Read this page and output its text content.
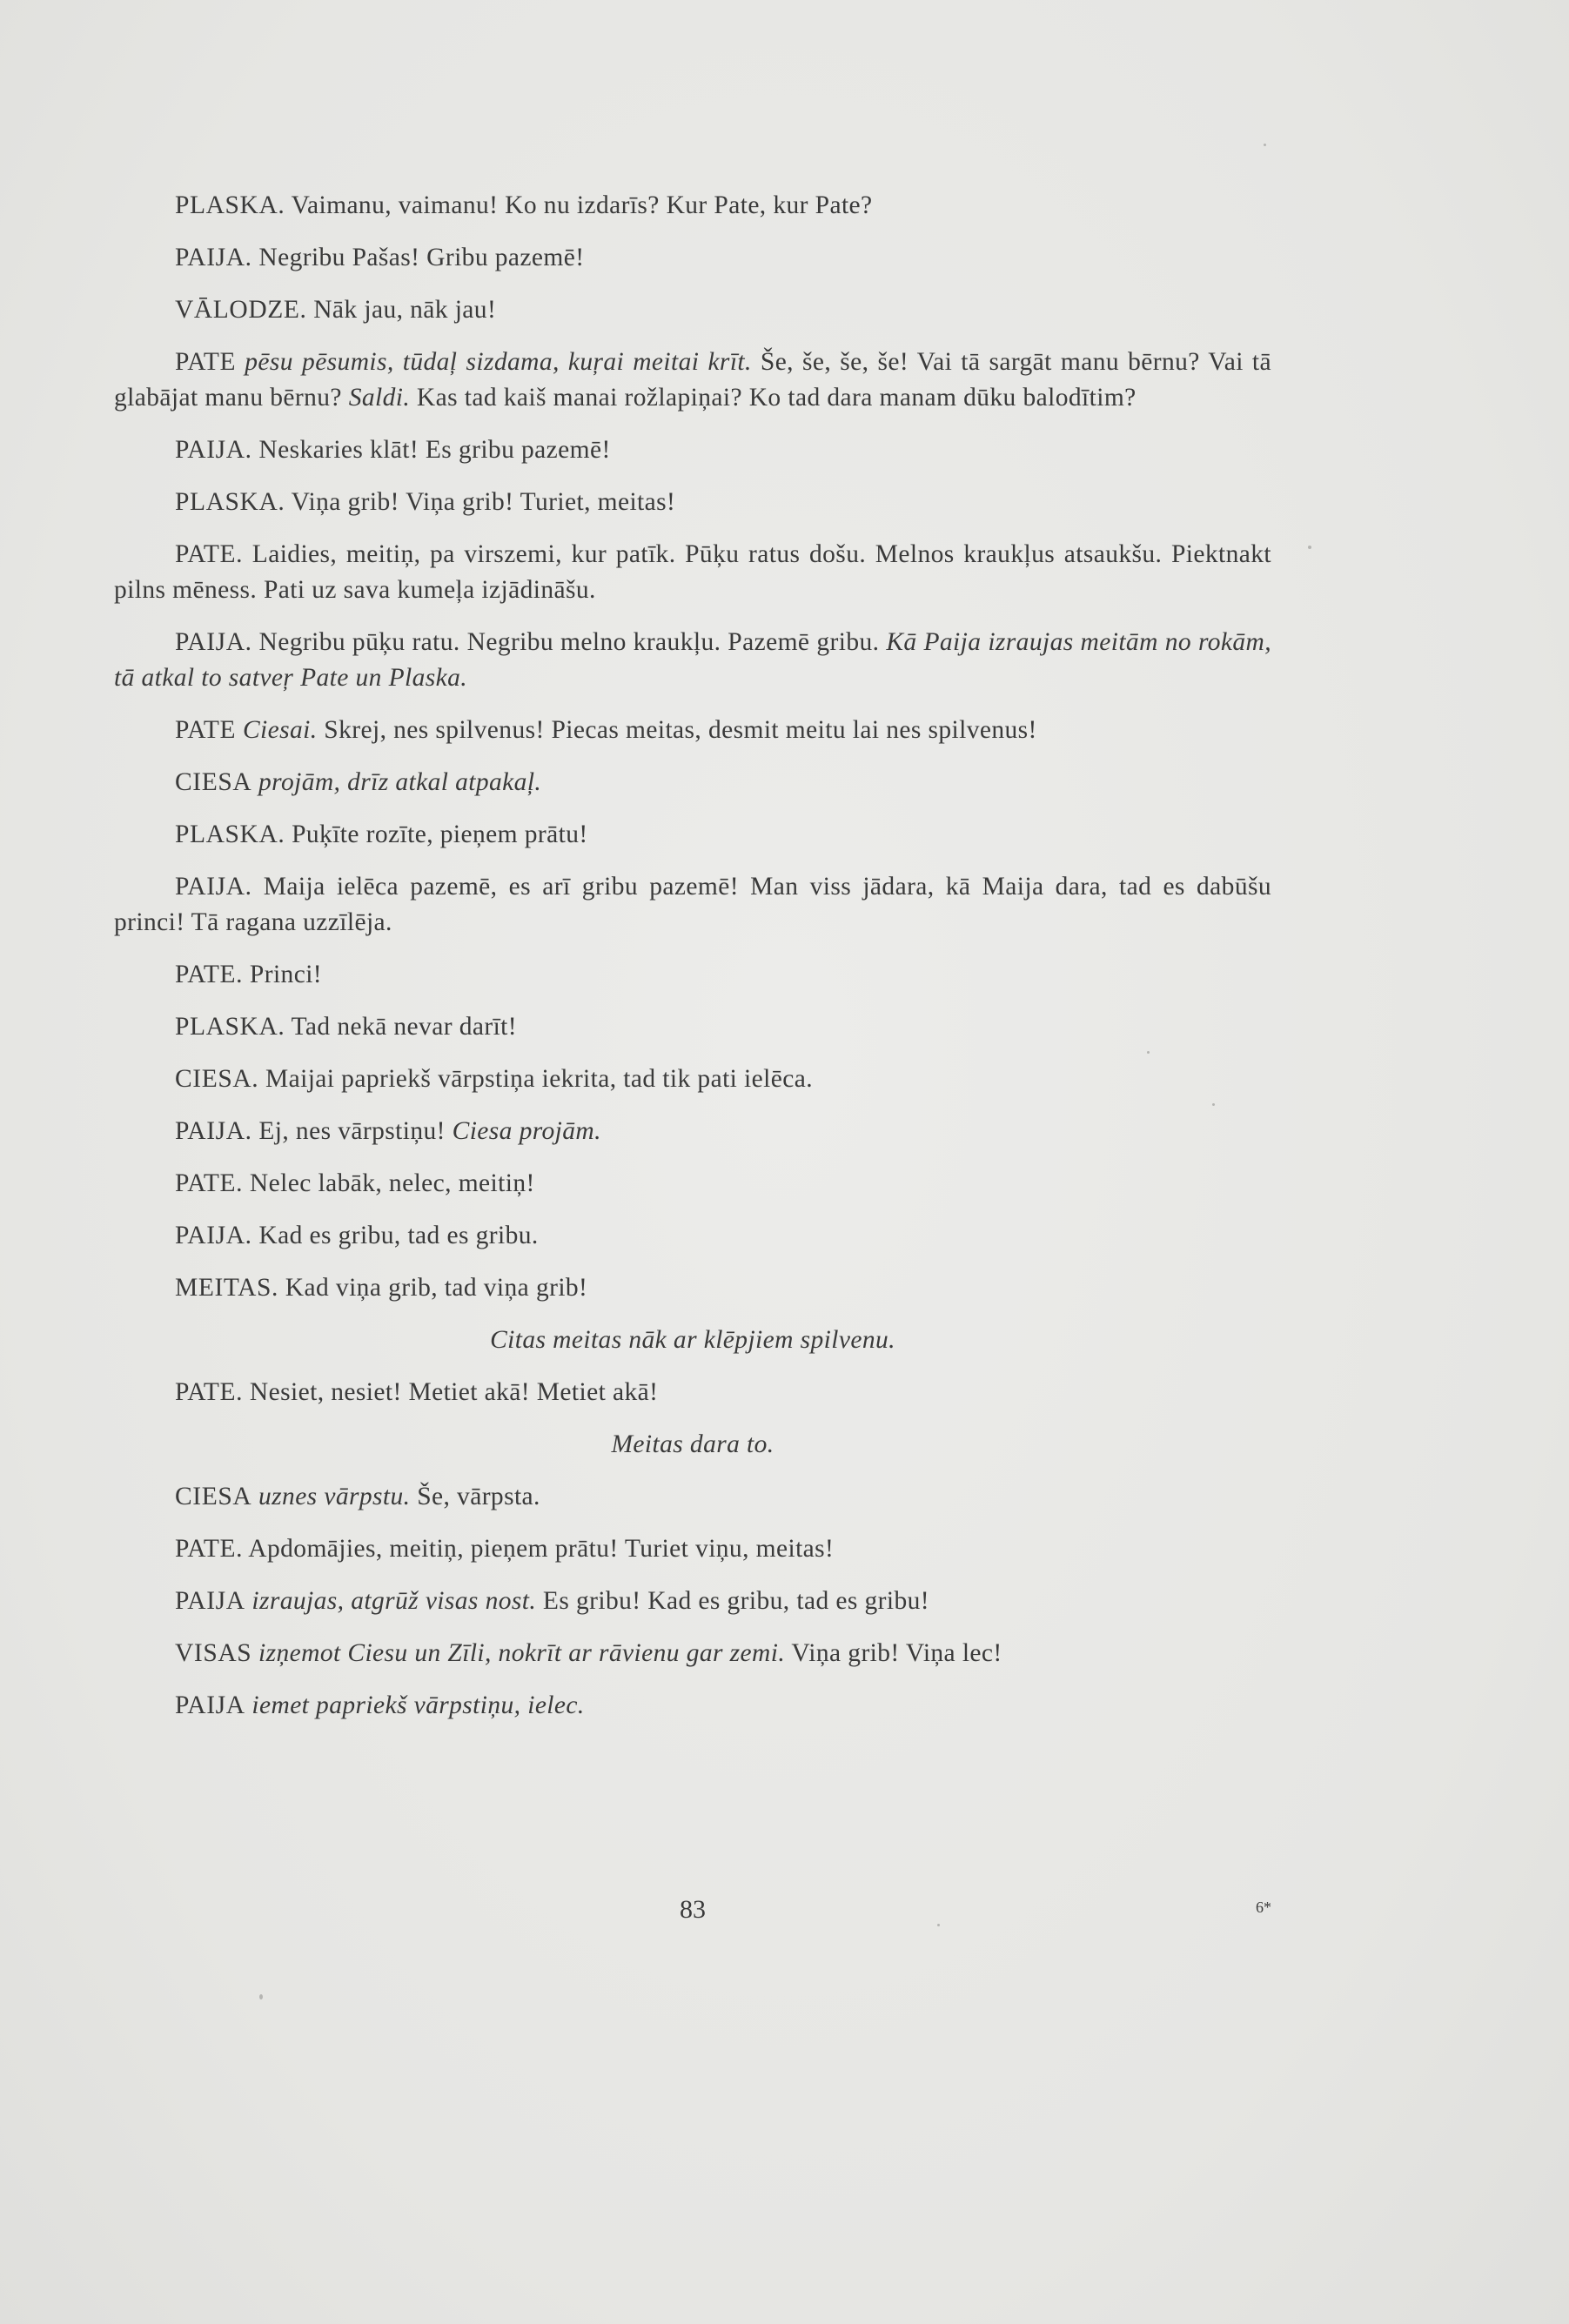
PLASKA. Vaimanu, vaimanu! Ko nu izdarīs? Kur Pate, kur Pate?

PAIJA. Negribu Pašas! Gribu pazemē!

VĀLODZE. Nāk jau, nāk jau!

PATE pēsu pēsumis, tūdaļ sizdama, kuŗai meitai krīt. Še, še, še, še! Vai tā sargāt manu bērnu? Vai tā glabājat manu bērnu? Saldi. Kas tad kaiš manai rožlapiņai? Ko tad dara manam dūku balodītim?

PAIJA. Neskaries klāt! Es gribu pazemē!

PLASKA. Viņa grib! Viņa grib! Turiet, meitas!

PATE. Laidies, meitiņ, pa virszemi, kur patīk. Pūķu ratus došu. Melnos kraukļus atsaukšu. Piektnakt pilns mēness. Pati uz sava kumeļa izjādināšu.

PAIJA. Negribu pūķu ratu. Negribu melno kraukļu. Pazemē gribu. Kā Paija izraujas meitām no rokām, tā atkal to satveŗ Pate un Plaska.

PATE Ciesai. Skrej, nes spilvenus! Piecas meitas, desmit meitu lai nes spilvenus!

CIESA projām, drīz atkal atpakaļ.

PLASKA. Puķīte rozīte, pieņem prātu!

PAIJA. Maija ielēca pazemē, es arī gribu pazemē! Man viss jādara, kā Maija dara, tad es dabūšu princi! Tā ragana uzzīlēja.

PATE. Princi!

PLASKA. Tad nekā nevar darīt!

CIESA. Maijai papriekš vārpstiņa iekrita, tad tik pati ielēca.

PAIJA. Ej, nes vārpstiņu! Ciesa projām.

PATE. Nelec labāk, nelec, meitiņ!

PAIJA. Kad es gribu, tad es gribu.

MEITAS. Kad viņa grib, tad viņa grib!

Citas meitas nāk ar klēpjiem spilvenu.

PATE. Nesiet, nesiet! Metiet akā! Metiet akā!

Meitas dara to.

CIESA uznes vārpstu. Še, vārpsta.

PATE. Apdomājies, meitiņ, pieņem prātu! Turiet viņu, meitas!

PAIJA izraujas, atgrūž visas nost. Es gribu! Kad es gribu, tad es gribu!

VISAS izņemot Ciesu un Zīli, nokrīt ar rāvienu gar zemi. Viņa grib! Viņa lec!

PAIJA iemet papriekš vārpstiņu, ielec.

83	6*
